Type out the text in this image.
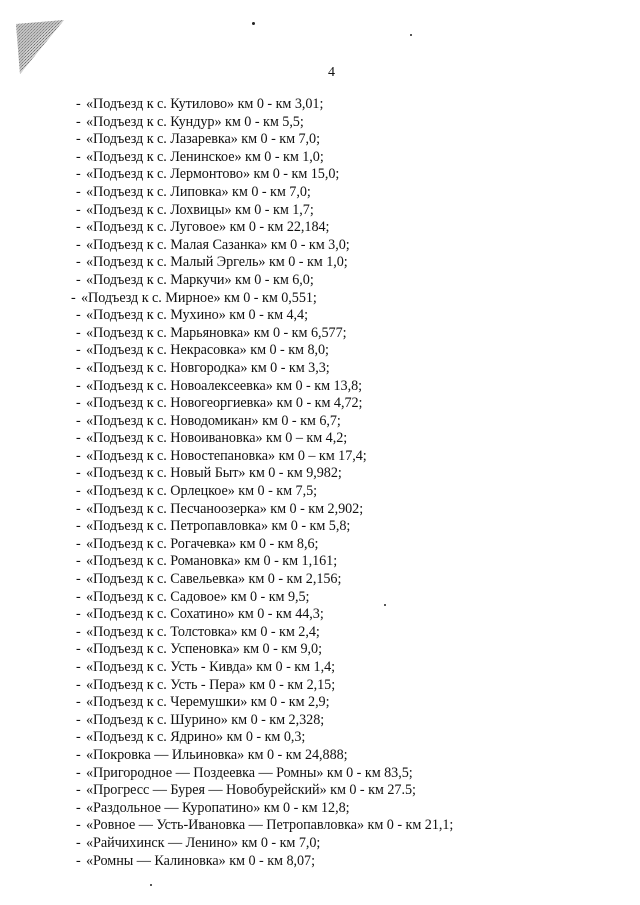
4
- «Подъезд к с. Кутилово» км 0 - км 3,01;
- «Подъезд к с. Кундур» км 0 - км 5,5;
- «Подъезд к с. Лазаревка» км 0 - км 7,0;
- «Подъезд к с. Ленинское» км 0 - км 1,0;
- «Подъезд к с. Лермонтово» км 0 - км 15,0;
- «Подъезд к с. Липовка» км 0 - км 7,0;
- «Подъезд к с. Лохвицы» км 0 - км 1,7;
- «Подъезд к с. Луговое» км 0 - км 22,184;
- «Подъезд к с. Малая Сазанка» км 0 - км 3,0;
- «Подъезд к с. Малый Эргель» км 0 - км 1,0;
- «Подъезд к с. Маркучи» км 0 - км 6,0;
- «Подъезд к с. Мирное» км 0 - км 0,551;
- «Подъезд к с. Мухино» км 0 - км 4,4;
- «Подъезд к с. Марьяновка» км 0 - км 6,577;
- «Подъезд к с. Некрасовка» км 0 - км 8,0;
- «Подъезд к с. Новгородка» км 0 - км 3,3;
- «Подъезд к с. Новоалексеевка» км 0 - км 13,8;
- «Подъезд к с. Новогеоргиевка» км 0 - км 4,72;
- «Подъезд к с. Новодомикан» км 0 - км 6,7;
- «Подъезд к с. Новоивановка» км 0 – км 4,2;
- «Подъезд к с. Новостепановка» км 0 – км 17,4;
- «Подъезд к с. Новый Быт» км 0 - км 9,982;
- «Подъезд к с. Орлецкое» км 0 - км 7,5;
- «Подъезд к с. Песчаноозерка» км 0 - км 2,902;
- «Подъезд к с. Петропавловка» км 0 - км 5,8;
- «Подъезд к с. Рогачевка» км 0 - км 8,6;
- «Подъезд к с. Романовка» км 0 - км 1,161;
- «Подъезд к с. Савельевка» км 0 - км 2,156;
- «Подъезд к с. Садовое» км 0 - км 9,5;
- «Подъезд к с. Сохатино» км 0 - км 44,3;
- «Подъезд к с. Толстовка» км 0 - км 2,4;
- «Подъезд к с. Успеновка» км 0 - км 9,0;
- «Подъезд к с. Усть - Кивда» км 0 - км 1,4;
- «Подъезд к с. Усть - Пера» км 0 - км 2,15;
- «Подъезд к с. Черемушки» км 0 - км 2,9;
- «Подъезд к с. Шурино» км 0 - км 2,328;
- «Подъезд к с. Ядрино» км 0 - км 0,3;
- «Покровка — Ильиновка» км 0 - км 24,888;
- «Пригородное — Поздеевка — Ромны» км 0 - км 83,5;
- «Прогресс — Бурея — Новобурейский» км 0 - км 27.5;
- «Раздольное — Куропатино» км 0 - км 12,8;
- «Ровное — Усть-Ивановка — Петропавловка» км 0 - км 21,1;
- «Райчихинск — Ленино» км 0 - км 7,0;
- «Ромны — Калиновка» км 0 - км 8,07;
